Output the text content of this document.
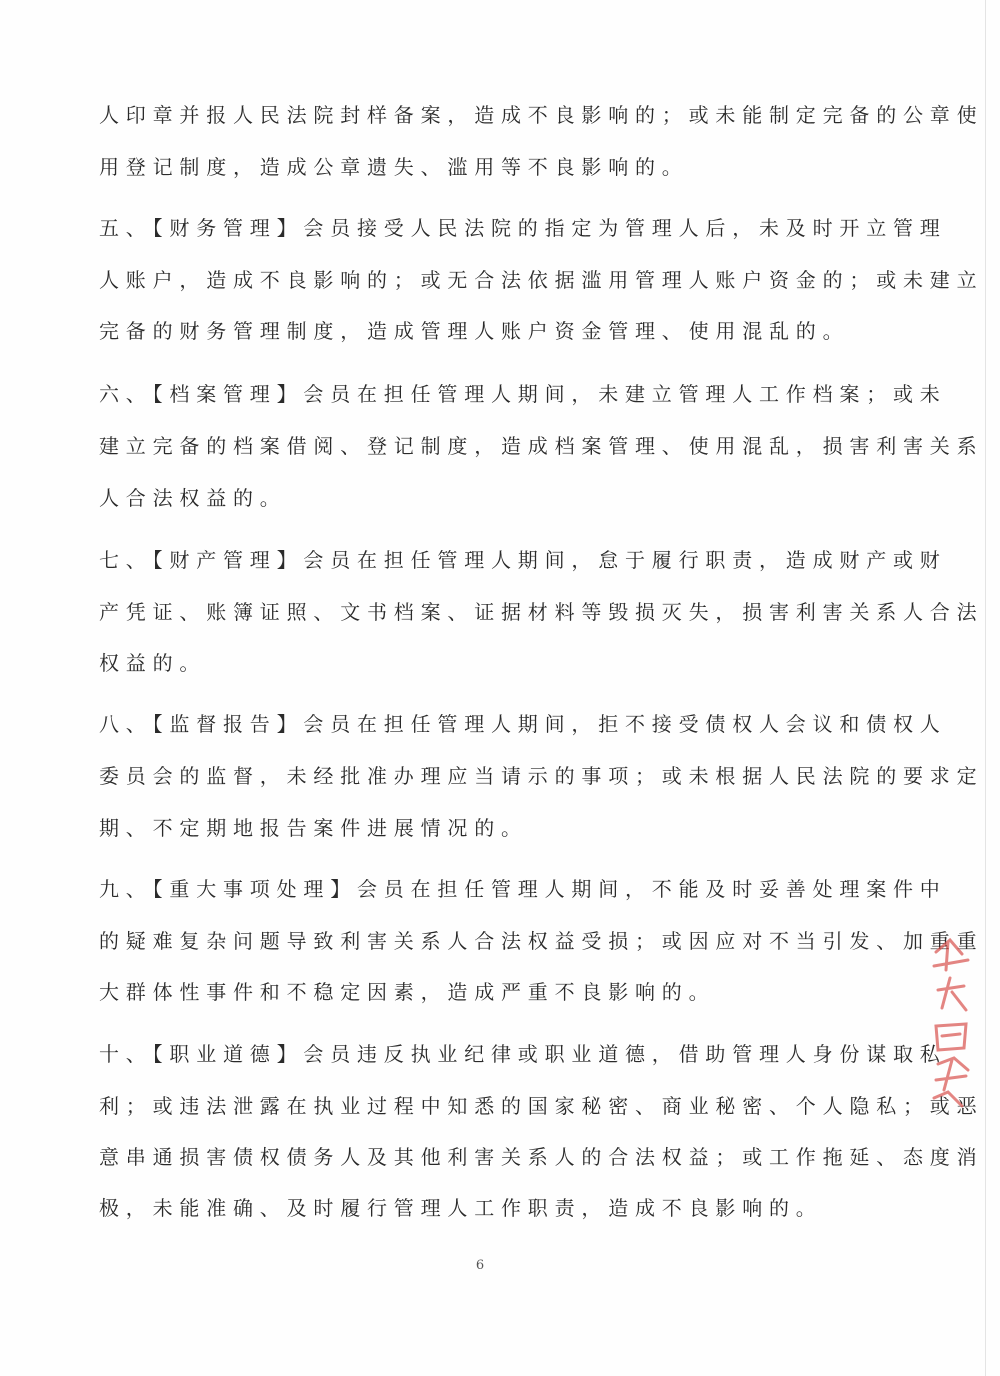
人印章并报人民法院封样备案，造成不良影响的；或未能制定完备的公章使
用登记制度，造成公章遗失、滥用等不良影响的。
五、【财务管理】会员接受人民法院的指定为管理人后，未及时开立管理
人账户，造成不良影响的；或无合法依据滥用管理人账户资金的；或未建立
完备的财务管理制度，造成管理人账户资金管理、使用混乱的。
六、【档案管理】会员在担任管理人期间，未建立管理人工作档案；或未
建立完备的档案借阅、登记制度，造成档案管理、使用混乱，损害利害关系
人合法权益的。
七、【财产管理】会员在担任管理人期间，怠于履行职责，造成财产或财
产凭证、账簿证照、文书档案、证据材料等毁损灭失，损害利害关系人合法
权益的。
八、【监督报告】会员在担任管理人期间，拒不接受债权人会议和债权人
委员会的监督，未经批准办理应当请示的事项；或未根据人民法院的要求定
期、不定期地报告案件进展情况的。
九、【重大事项处理】会员在担任管理人期间，不能及时妥善处理案件中
的疑难复杂问题导致利害关系人合法权益受损；或因应对不当引发、加重重
大群体性事件和不稳定因素，造成严重不良影响的。
十、【职业道德】会员违反执业纪律或职业道德，借助管理人身份谋取私
利；或违法泄露在执业过程中知悉的国家秘密、商业秘密、个人隐私；或恶
意串通损害债权债务人及其他利害关系人的合法权益；或工作拖延、态度消
极，未能准确、及时履行管理人工作职责，造成不良影响的。
6
